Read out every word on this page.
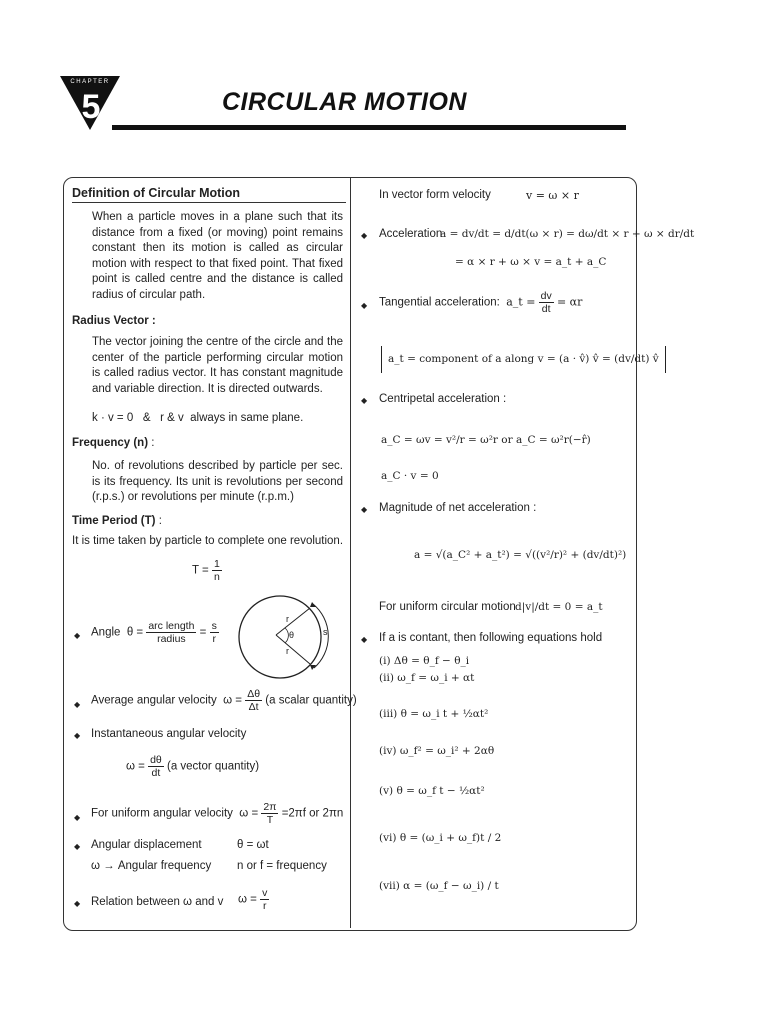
CHAPTER
5	CIRCULAR MOTION
Definition of Circular Motion
When a particle moves in a plane such that its distance from a fixed (or moving) point remains constant then its motion is called as circular motion with respect to that fixed point. That fixed point is called centre and the distance is called radius of circular path.
Radius Vector :
The vector joining the centre of the circle and the center of the particle performing circular motion is called radius vector. It has constant magnitude and variable direction. It is directed outwards.
k · v = 0 & r & v always in same plane.
Frequency (n) :
No. of revolutions described by particle per sec. is its frequency. Its unit is revolutions per second (r.p.s.) or revolutions per minute (r.p.m.)
Time Period (T) :
It is time taken by particle to complete one revolution.
$T = \frac{1}{n}$
◆ Angle $\theta = \frac{\text{arc length}}{\text{radius}} = \frac{s}{r}$
r
r
θ	s
◆ Average angular velocity $\omega = \frac{\Delta\theta}{\Delta t} (a$ scalar quantity)
◆ Instantaneous angular velocity
$\omega = \frac{d\theta}{dt} (a$ vector quantity)
◆ For uniform angular velocity $\omega = \frac{2\pi}{T} =2\pi f$ or 2πn
◆ Angular displacement	θ = ωt
ω → Angular frequency n or f = frequency
◆ Relation between ω and v $\omega = \frac{v}{r}$
In vector form velocity	v = ω × r
◆ Acceleration
a = dv/dt = d/dt(ω × r) = dω/dt × r + ω × dr/dt
= α × r + ω × v = a_t + a_C
◆ Tangential acceleration: a_t = $\frac{dv}{dt} = \alpha r$
a_t = component of a along v = (a · v̂) v̂ = (dv/dt) v̂
◆ Centripetal acceleration :
a_C = ωv = v²/r = ω²r or a_C = ω²r(−r̂)
a_C · v = 0
◆ Magnitude of net acceleration :
a = √(a_C² + a_t²) = √((v²/r)² + (dv/dt)²)
For uniform circular motion d|v|/dt = 0 = a_t
◆ If a is contant, then following equations hold
(i) Δθ = θ_f − θ_i
(ii) ω_f = ω_i + αt
(iii) θ = ω_i t + ½αt²
(iv) ω_f² = ω_i² + 2αθ
(v) θ = ω_f t − ½αt²
(vi) θ = (ω_i + ω_f)t / 2
(vii) α = (ω_f − ω_i) / t
